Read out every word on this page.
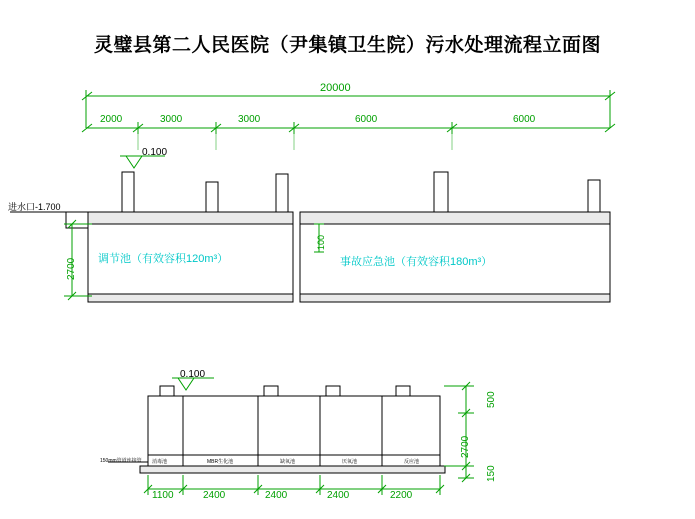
灵璧县第二人民医院（尹集镇卫生院）污水处理流程立面图
20000
2000	3000	3000	6000	6000
0.100
进水口-1.700
2700
100
调节池（有效容积120m³）	事故应急池（有效容积180m³）
0.100
150mm管道连接管 消毒池	MBR生化池	缺氧池	厌氧池	反应池
1100	2400	2400	2400	2200
500
2700
150
